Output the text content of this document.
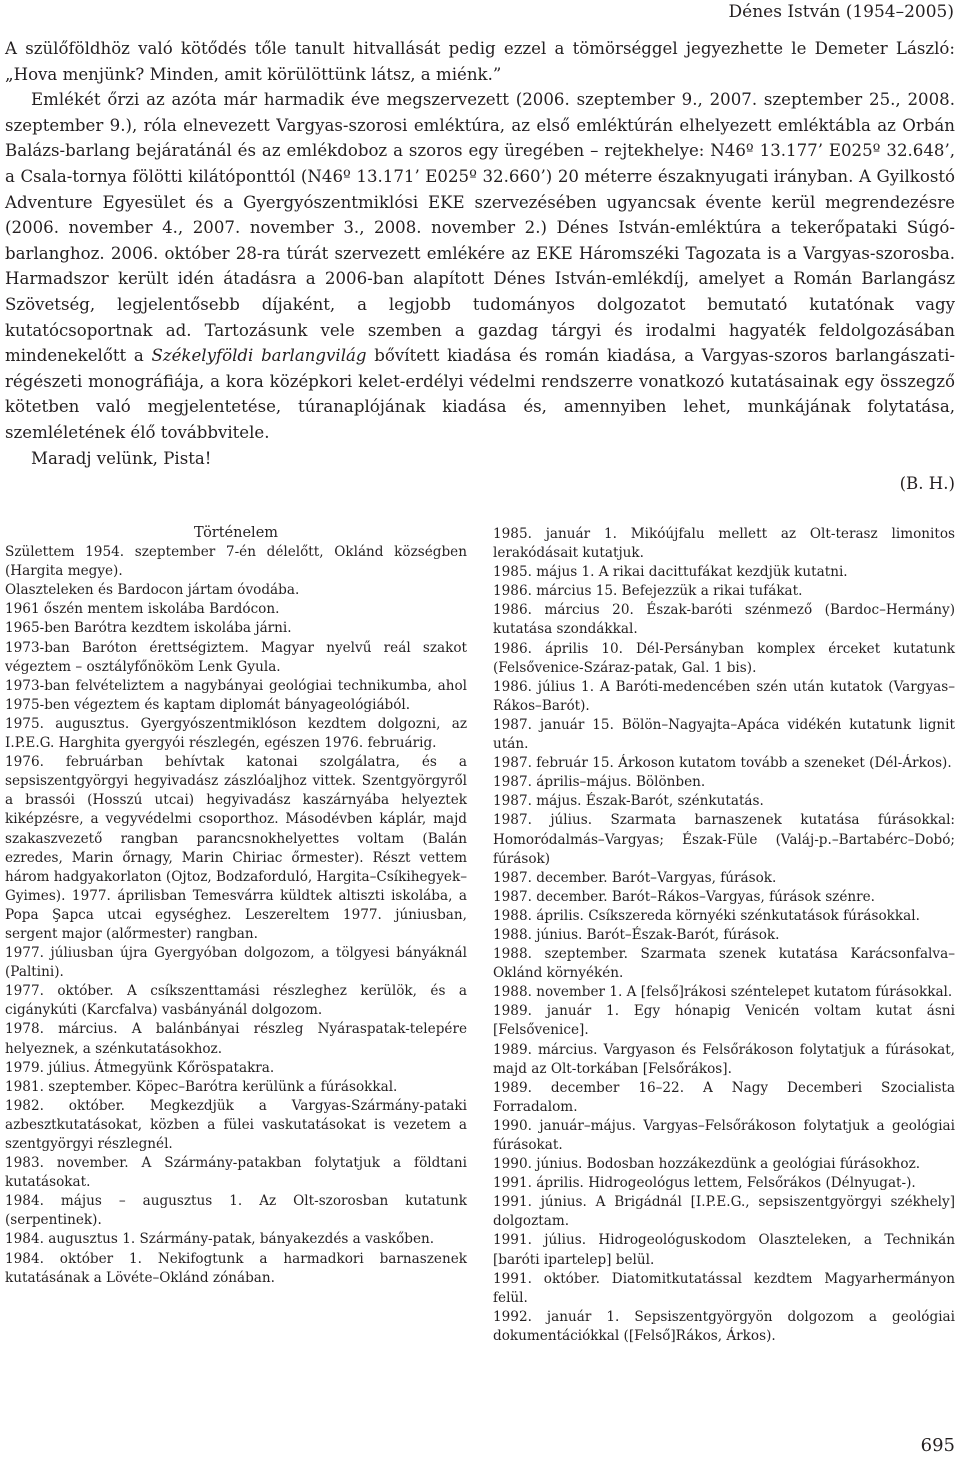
Dénes István (1954–2005)

A szülőföldhöz való kötődés tőle tanult hitvallását pedig ezzel a tömörséggel jegyezhette le Demeter László: „Hova menjünk? Minden, amit körülöttünk látsz, a miénk.”

Emlékét őrzi az azóta már harmadik éve megszervezett (2006. szeptember 9., 2007. szeptember 25., 2008. szeptember 9.), róla elnevezett Vargyas-szorosi emléktúra, az első emléktúrán elhelyezett emléktábla az Orbán Balázs-barlang bejáratánál és az emlékdoboz a szoros egy üregében – rejtekhelye: N46º 13.177’ E025º 32.648’, a Csala-tornya fölötti kilátóponttól (N46º 13.171’ E025º 32.660’) 20 méterre északnyugati irányban. A Gyilkostó Adventure Egyesület és a Gyergyószentmiklósi EKE szervezésében ugyancsak évente kerül megrendezésre (2006. november 4., 2007. november 3., 2008. november 2.) Dénes István-emléktúra a tekerőpataki Súgó-barlanghoz. 2006. október 28-ra túrát szervezett emlékére az EKE Háromszéki Tagozata is a Vargyas-szorosba. Harmadszor került idén átadásra a 2006-ban alapított Dénes István-emlékdíj, amelyet a Román Barlangász Szövetség, legjelentősebb díjaként, a legjobb tudományos dolgozatot bemutató kutatónak vagy kutatócsoportnak ad. Tartozásunk vele szemben a gazdag tárgyi és irodalmi hagyaték feldolgozásában mindenekelőtt a Székelyföldi barlangvilág bővített kiadása és román kiadása, a Vargyas-szoros barlangászati-régészeti monográfiája, a kora középkori kelet-erdélyi védelmi rendszerre vonatkozó kutatásainak egy összegző kötetben való megjelentetése, túranaplójának kiadása és, amennyiben lehet, munkájának folytatása, szemléletének élő továbbvitele.

Maradj velünk, Pista!

(B. H.)

Történelem

Születtem 1954. szeptember 7-én délelőtt, Oklánd községben (Hargita megye).

Olaszteleken és Bardocon jártam óvodába.

1961 őszén mentem iskolába Bardócon.

1965-ben Barótra kezdtem iskolába járni.

1973-ban Baróton érettségiztem. Magyar nyelvű reál szakot végeztem – osztályfőnököm Lenk Gyula.

1973-ban felvételiztem a nagybányai geológiai technikumba, ahol 1975-ben végeztem és kaptam diplomát bányageológiából.

1975. augusztus. Gyergyószentmiklóson kezdtem dolgozni, az I.P.E.G. Harghita gyergyói részlegén, egészen 1976. februárig.

1976. februárban behívtak katonai szolgálatra, és a sepsiszentgyörgyi hegyivadász zászlóaljhoz vittek. Szentgyörgyről a brassói (Hosszú utcai) hegyivadász kaszárnyába helyeztek kiképzésre, a vegyvédelmi csoporthoz. Másodévben káplár, majd szakaszvezető rangban parancsnokhelyettes voltam (Balán ezredes, Marin őrnagy, Marin Chiriac őrmester). Részt vettem három hadgyakorlaton (Ojtoz, Bodzaforduló, Hargita–Csíkihegyek–Gyimes). 1977. áprilisban Temesvárra küldtek altiszti iskolába, a Popa Şapca utcai egységhez. Leszereltem 1977. júniusban, sergent major (alőrmester) rangban.

1977. júliusban újra Gyergyóban dolgozom, a tölgyesi bányáknál (Paltini).

1977. október. A csíkszenttamási részleghez kerülök, és a cigánykúti (Karcfalva) vasbányánál dolgozom.

1978. március. A balánbányai részleg Nyáraspatak-telepére helyeznek, a szénkutatásokhoz.

1979. július. Átmegyünk Kőröspatakra.

1981. szeptember. Köpec–Barótra kerülünk a fúrásokkal.

1982. október. Megkezdjük a Vargyas-Szármány-pataki azbesztkutatásokat, közben a fülei vaskutatásokat is vezetem a szentgyörgyi részlegnél.

1983. november. A Szármány-patakban folytatjuk a földtani kutatásokat.

1984. május – augusztus 1. Az Olt-szorosban kutatunk (serpentinek).

1984. augusztus 1. Szármány-patak, bányakezdés a vaskőben.

1984. október 1. Nekifogtunk a harmadkori barnaszenek kutatásának a Lövéte–Oklánd zónában.

1985. január 1. Mikóújfalu mellett az Olt-terasz limonitos lerakódásait kutatjuk.

1985. május 1. A rikai dacittufákat kezdjük kutatni.

1986. március 15. Befejezzük a rikai tufákat.

1986. március 20. Észak-baróti szénmező (Bardoc–Hermány) kutatása szondákkal.

1986. április 10. Dél-Persányban komplex érceket kutatunk (Felsővenice-Száraz-patak, Gal. 1 bis).

1986. július 1. A Baróti-medencében szén után kutatok (Vargyas–Rákos–Barót).

1987. január 15. Bölön–Nagyajta–Apáca vidékén kutatunk lignit után.

1987. február 15. Árkoson kutatom tovább a szeneket (Dél-Árkos).

1987. április–május. Bölönben.

1987. május. Észak-Barót, szénkutatás.

1987. július. Szarmata barnaszenek kutatása fúrásokkal: Homoródalmás–Vargyas; Észak-Füle (Valáj-p.–Bartabérc–Dobó; fúrások)

1987. december. Barót–Vargyas, fúrások.

1987. december. Barót–Rákos–Vargyas, fúrások szénre.

1988. április. Csíkszereda környéki szénkutatások fúrásokkal.

1988. június. Barót–Észak-Barót, fúrások.

1988. szeptember. Szarmata szenek kutatása Karácsonfalva–Oklánd környékén.

1988. november 1. A [felső]rákosi széntelepet kutatom fúrásokkal.

1989. január 1. Egy hónapig Venicén voltam kutat ásni [Felsővenice].

1989. március. Vargyason és Felsőrákoson folytatjuk a fúrásokat, majd az Olt-torkában [Felsőrákos].

1989. december 16–22. A Nagy Decemberi Szocialista Forradalom.

1990. január–május. Vargyas–Felsőrákoson folytatjuk a geológiai fúrásokat.

1990. június. Bodosban hozzákezdünk a geológiai fúrásokhoz.

1991. április. Hidrogeológus lettem, Felsőrákos (Délnyugat-).

1991. június. A Brigádnál [I.P.E.G., sepsiszentgyörgyi székhely] dolgoztam.

1991. július. Hidrogeológuskodom Olaszteleken, a Technikán [baróti ipartelep] belül.

1991. október. Diatomitkutatással kezdtem Magyarhermányon felül.

1992. január 1. Sepsiszentgyörgyön dolgozom a geológiai dokumentációkkal ([Felső]Rákos, Árkos).

695
